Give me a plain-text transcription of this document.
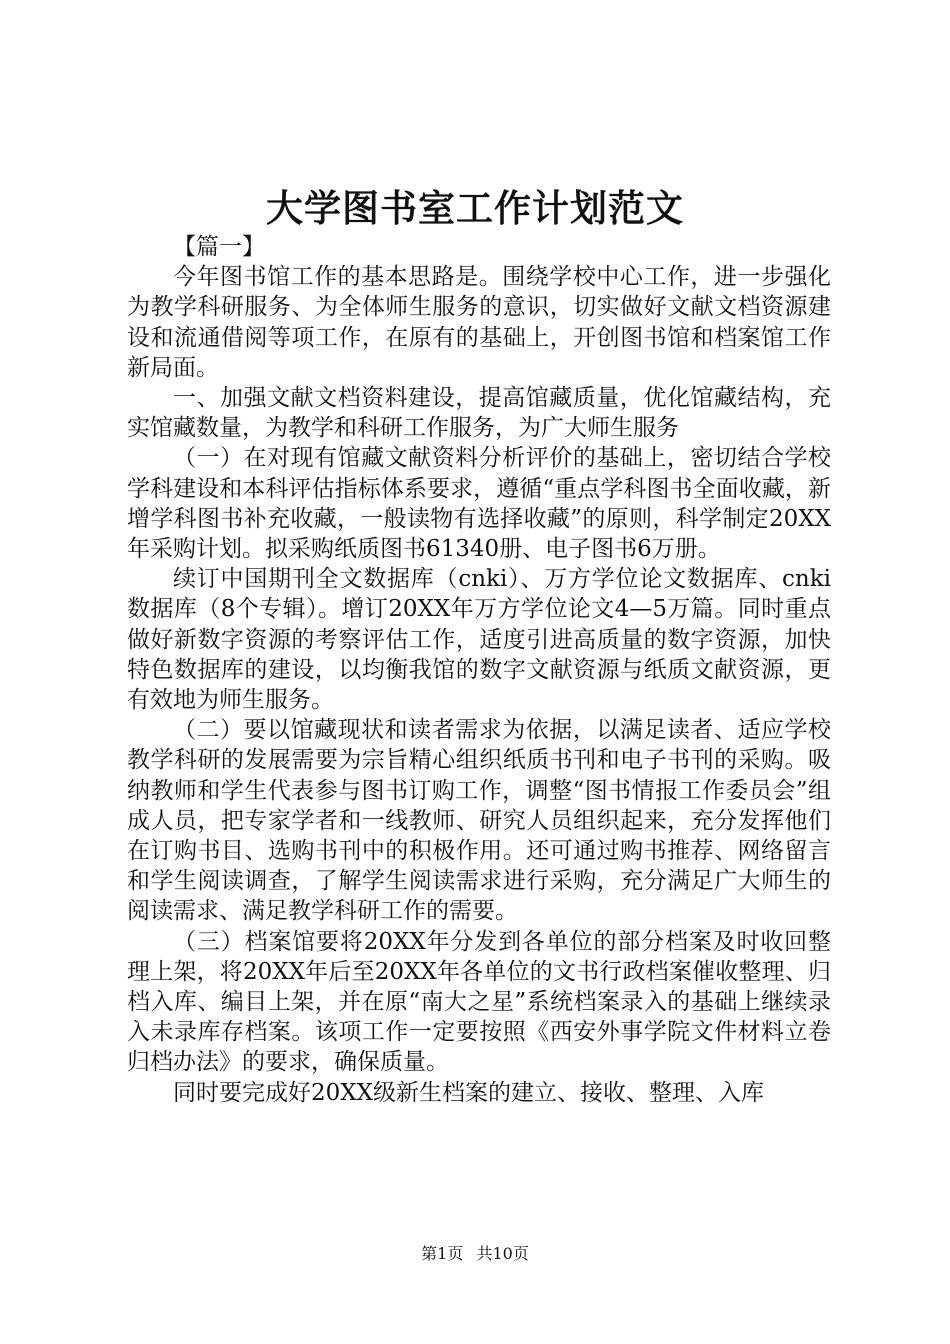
大学图书室工作计划范文

【篇一】

今年图书馆工作的基本思路是。围绕学校中心工作，进一步强化为教学科研服务、为全体师生服务的意识，切实做好文献文档资源建设和流通借阅等项工作，在原有的基础上，开创图书馆和档案馆工作新局面。

一、加强文献文档资料建设，提高馆藏质量，优化馆藏结构，充实馆藏数量，为教学和科研工作服务，为广大师生服务

（一）在对现有馆藏文献资料分析评价的基础上，密切结合学校学科建设和本科评估指标体系要求，遵循“重点学科图书全面收藏，新增学科图书补充收藏，一般读物有选择收藏”的原则，科学制定20XX年采购计划。拟采购纸质图书61340册、电子图书6万册。

续订中国期刊全文数据库（cnki）、万方学位论文数据库、cnki数据库（8个专辑）。增订20XX年万方学位论文4—5万篇。同时重点做好新数字资源的考察评估工作，适度引进高质量的数字资源，加快特色数据库的建设，以均衡我馆的数字文献资源与纸质文献资源，更有效地为师生服务。

（二）要以馆藏现状和读者需求为依据，以满足读者、适应学校教学科研的发展需要为宗旨精心组织纸质书刊和电子书刊的采购。吸纳教师和学生代表参与图书订购工作，调整“图书情报工作委员会”组成人员，把专家学者和一线教师、研究人员组织起来，充分发挥他们在订购书目、选购书刊中的积极作用。还可通过购书推荐、网络留言和学生阅读调查，了解学生阅读需求进行采购，充分满足广大师生的阅读需求、满足教学科研工作的需要。

（三）档案馆要将20XX年分发到各单位的部分档案及时收回整理上架，将20XX年后至20XX年各单位的文书行政档案催收整理、归档入库、编目上架，并在原“南大之星”系统档案录入的基础上继续录入未录库存档案。该项工作一定要按照《西安外事学院文件材料立卷归档办法》的要求，确保质量。

同时要完成好20XX级新生档案的建立、接收、整理、入库

第1页 共10页
